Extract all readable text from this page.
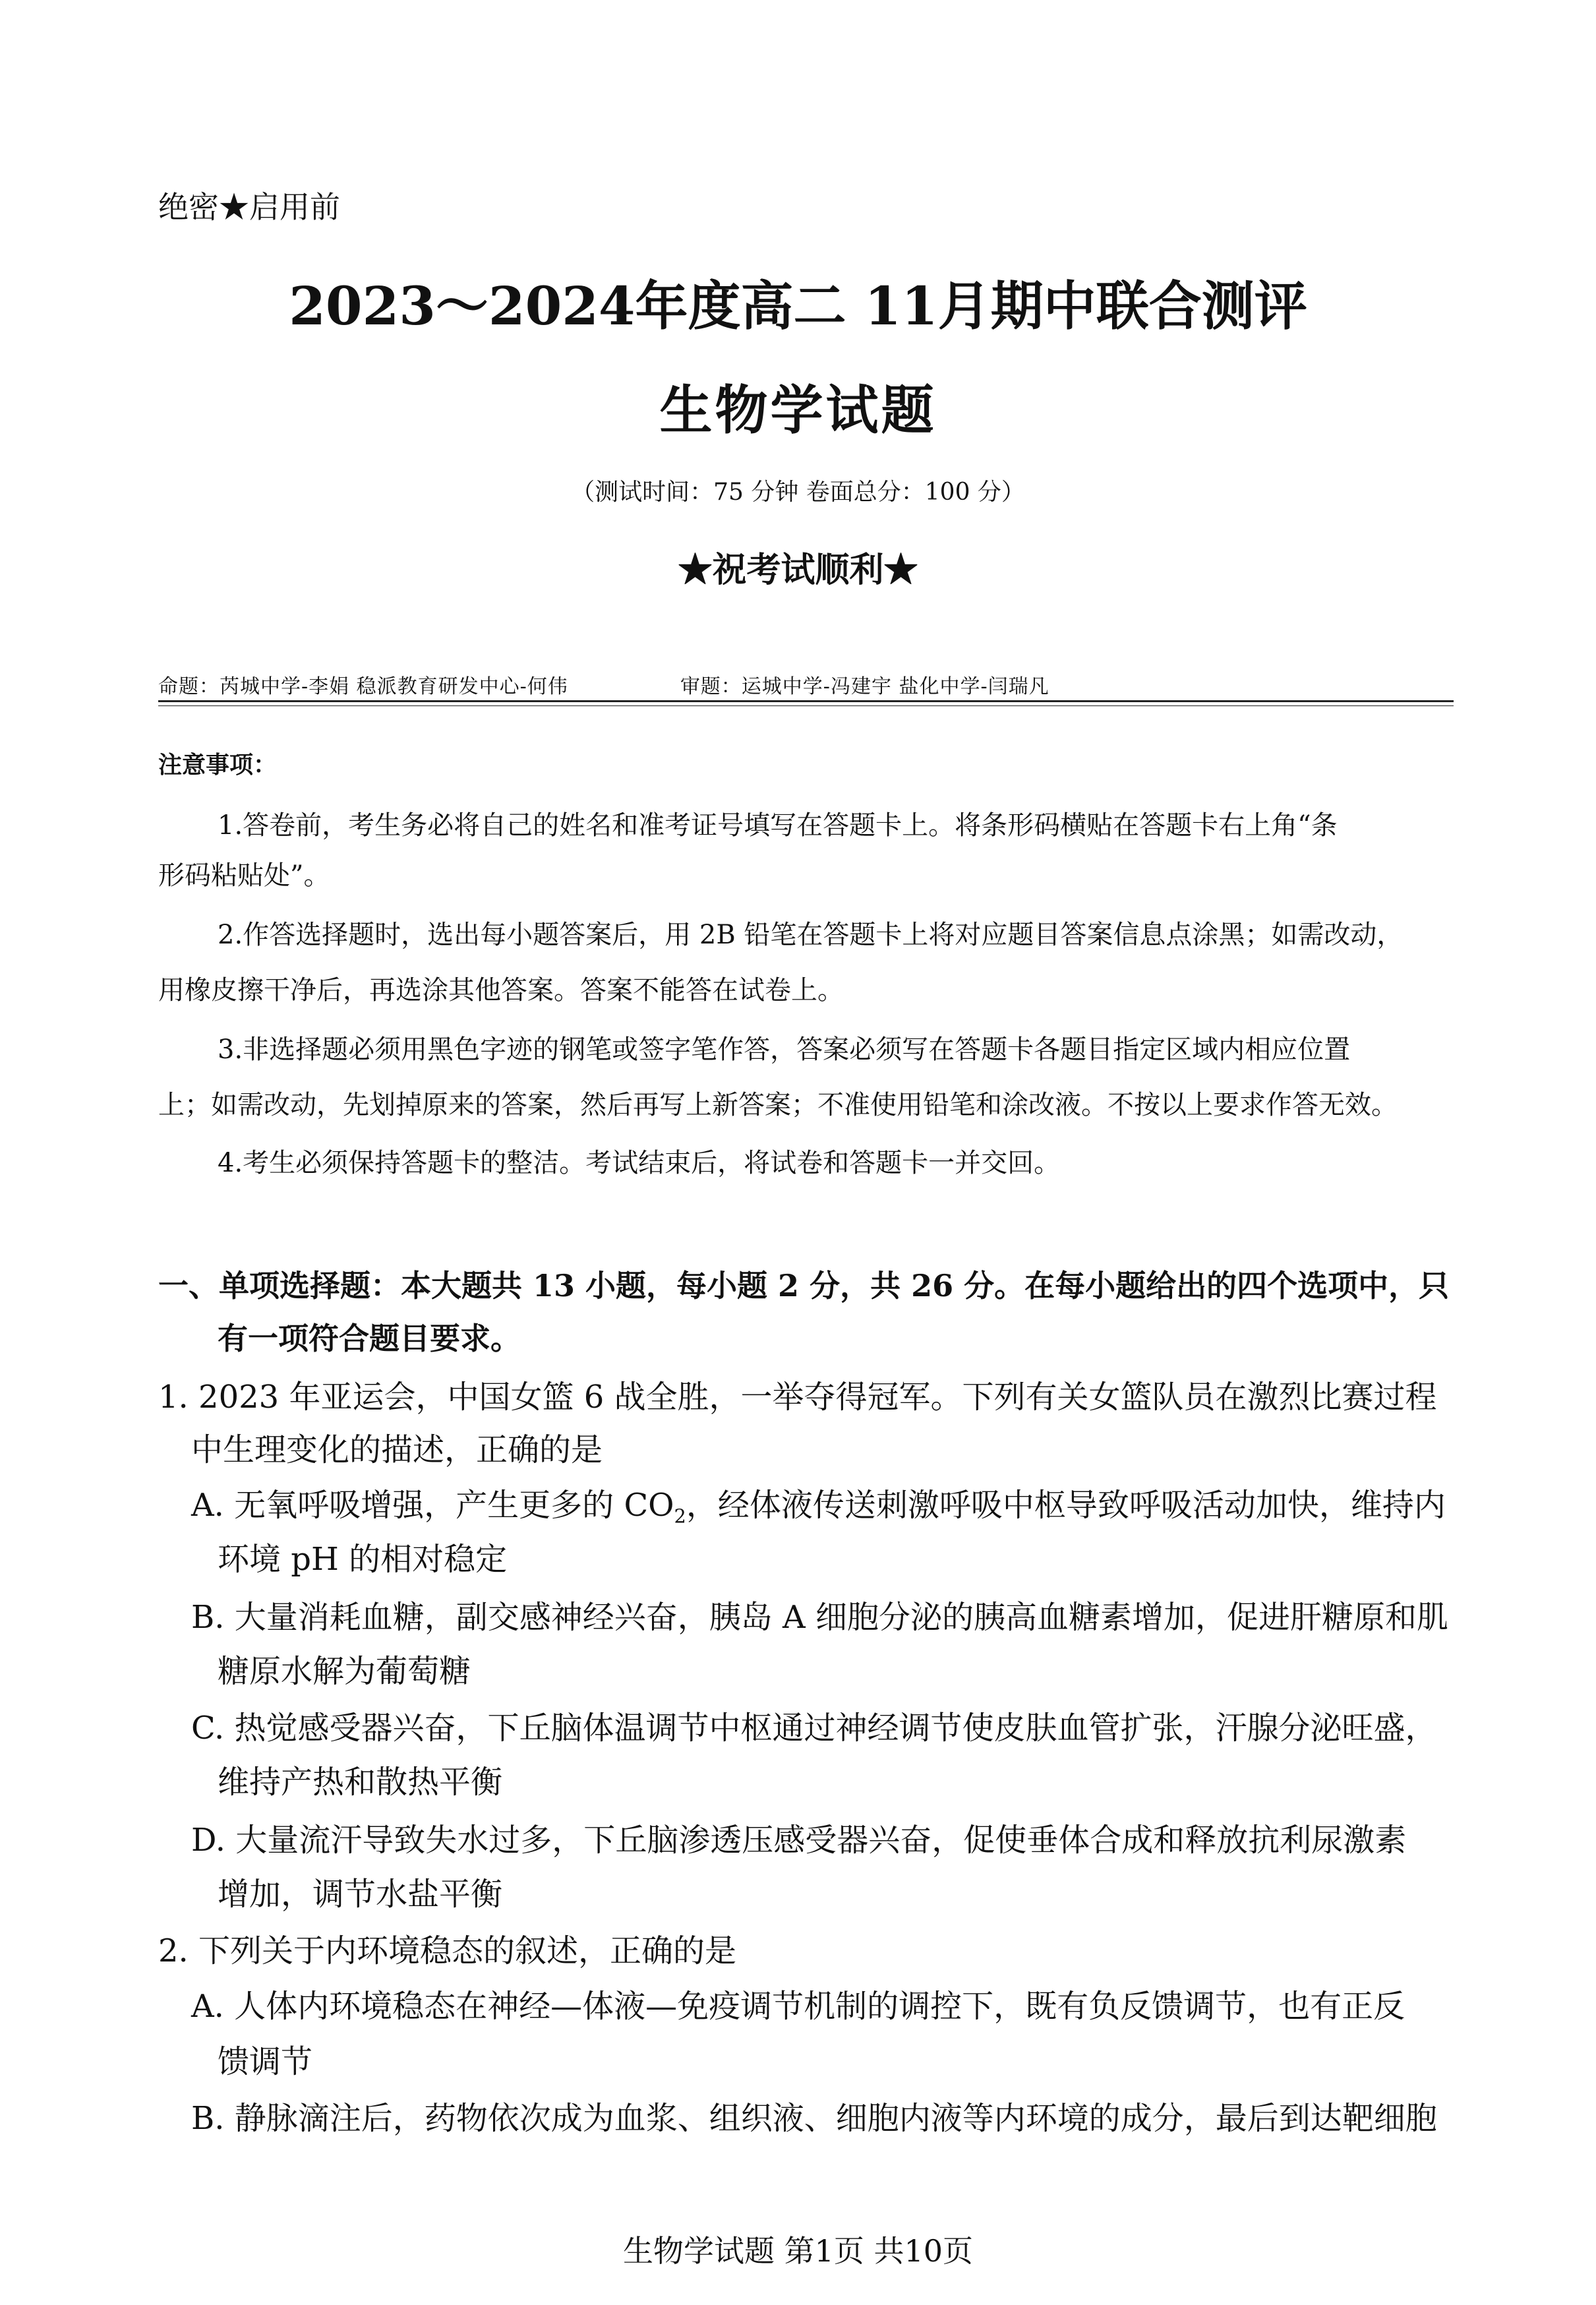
绝密★启用前
2023～2024年度高二 11月期中联合测评
生物学试题
（测试时间：75 分钟 卷面总分：100 分）
★祝考试顺利★
命题：芮城中学-李娟 稳派教育研发中心-何伟	审题：运城中学-冯建宇 盐化中学-闫瑞凡
注意事项：
1.答卷前，考生务必将自己的姓名和准考证号填写在答题卡上。将条形码横贴在答题卡右上角“条
形码粘贴处”。
2.作答选择题时，选出每小题答案后，用 2B 铅笔在答题卡上将对应题目答案信息点涂黑；如需改动，
用橡皮擦干净后，再选涂其他答案。答案不能答在试卷上。
3.非选择题必须用黑色字迹的钢笔或签字笔作答，答案必须写在答题卡各题目指定区域内相应位置
上；如需改动，先划掉原来的答案，然后再写上新答案；不准使用铅笔和涂改液。不按以上要求作答无效。
4.考生必须保持答题卡的整洁。考试结束后，将试卷和答题卡一并交回。
一、单项选择题：本大题共 13 小题，每小题 2 分，共 26 分。在每小题给出的四个选项中，只
有一项符合题目要求。
1. 2023 年亚运会，中国女篮 6 战全胜，一举夺得冠军。下列有关女篮队员在激烈比赛过程
中生理变化的描述，正确的是
A. 无氧呼吸增强，产生更多的 $CO_2$，经体液传送刺激呼吸中枢导致呼吸活动加快，维持内
环境 pH 的相对稳定
B. 大量消耗血糖，副交感神经兴奋，胰岛 A 细胞分泌的胰高血糖素增加，促进肝糖原和肌
糖原水解为葡萄糖
C. 热觉感受器兴奋，下丘脑体温调节中枢通过神经调节使皮肤血管扩张，汗腺分泌旺盛，
维持产热和散热平衡
D. 大量流汗导致失水过多，下丘脑渗透压感受器兴奋，促使垂体合成和释放抗利尿激素
增加，调节水盐平衡
2. 下列关于内环境稳态的叙述，正确的是
A. 人体内环境稳态在神经—体液—免疫调节机制的调控下，既有负反馈调节，也有正反
馈调节
B. 静脉滴注后，药物依次成为血浆、组织液、细胞内液等内环境的成分，最后到达靶细胞
生物学试题 第1页 共10页
